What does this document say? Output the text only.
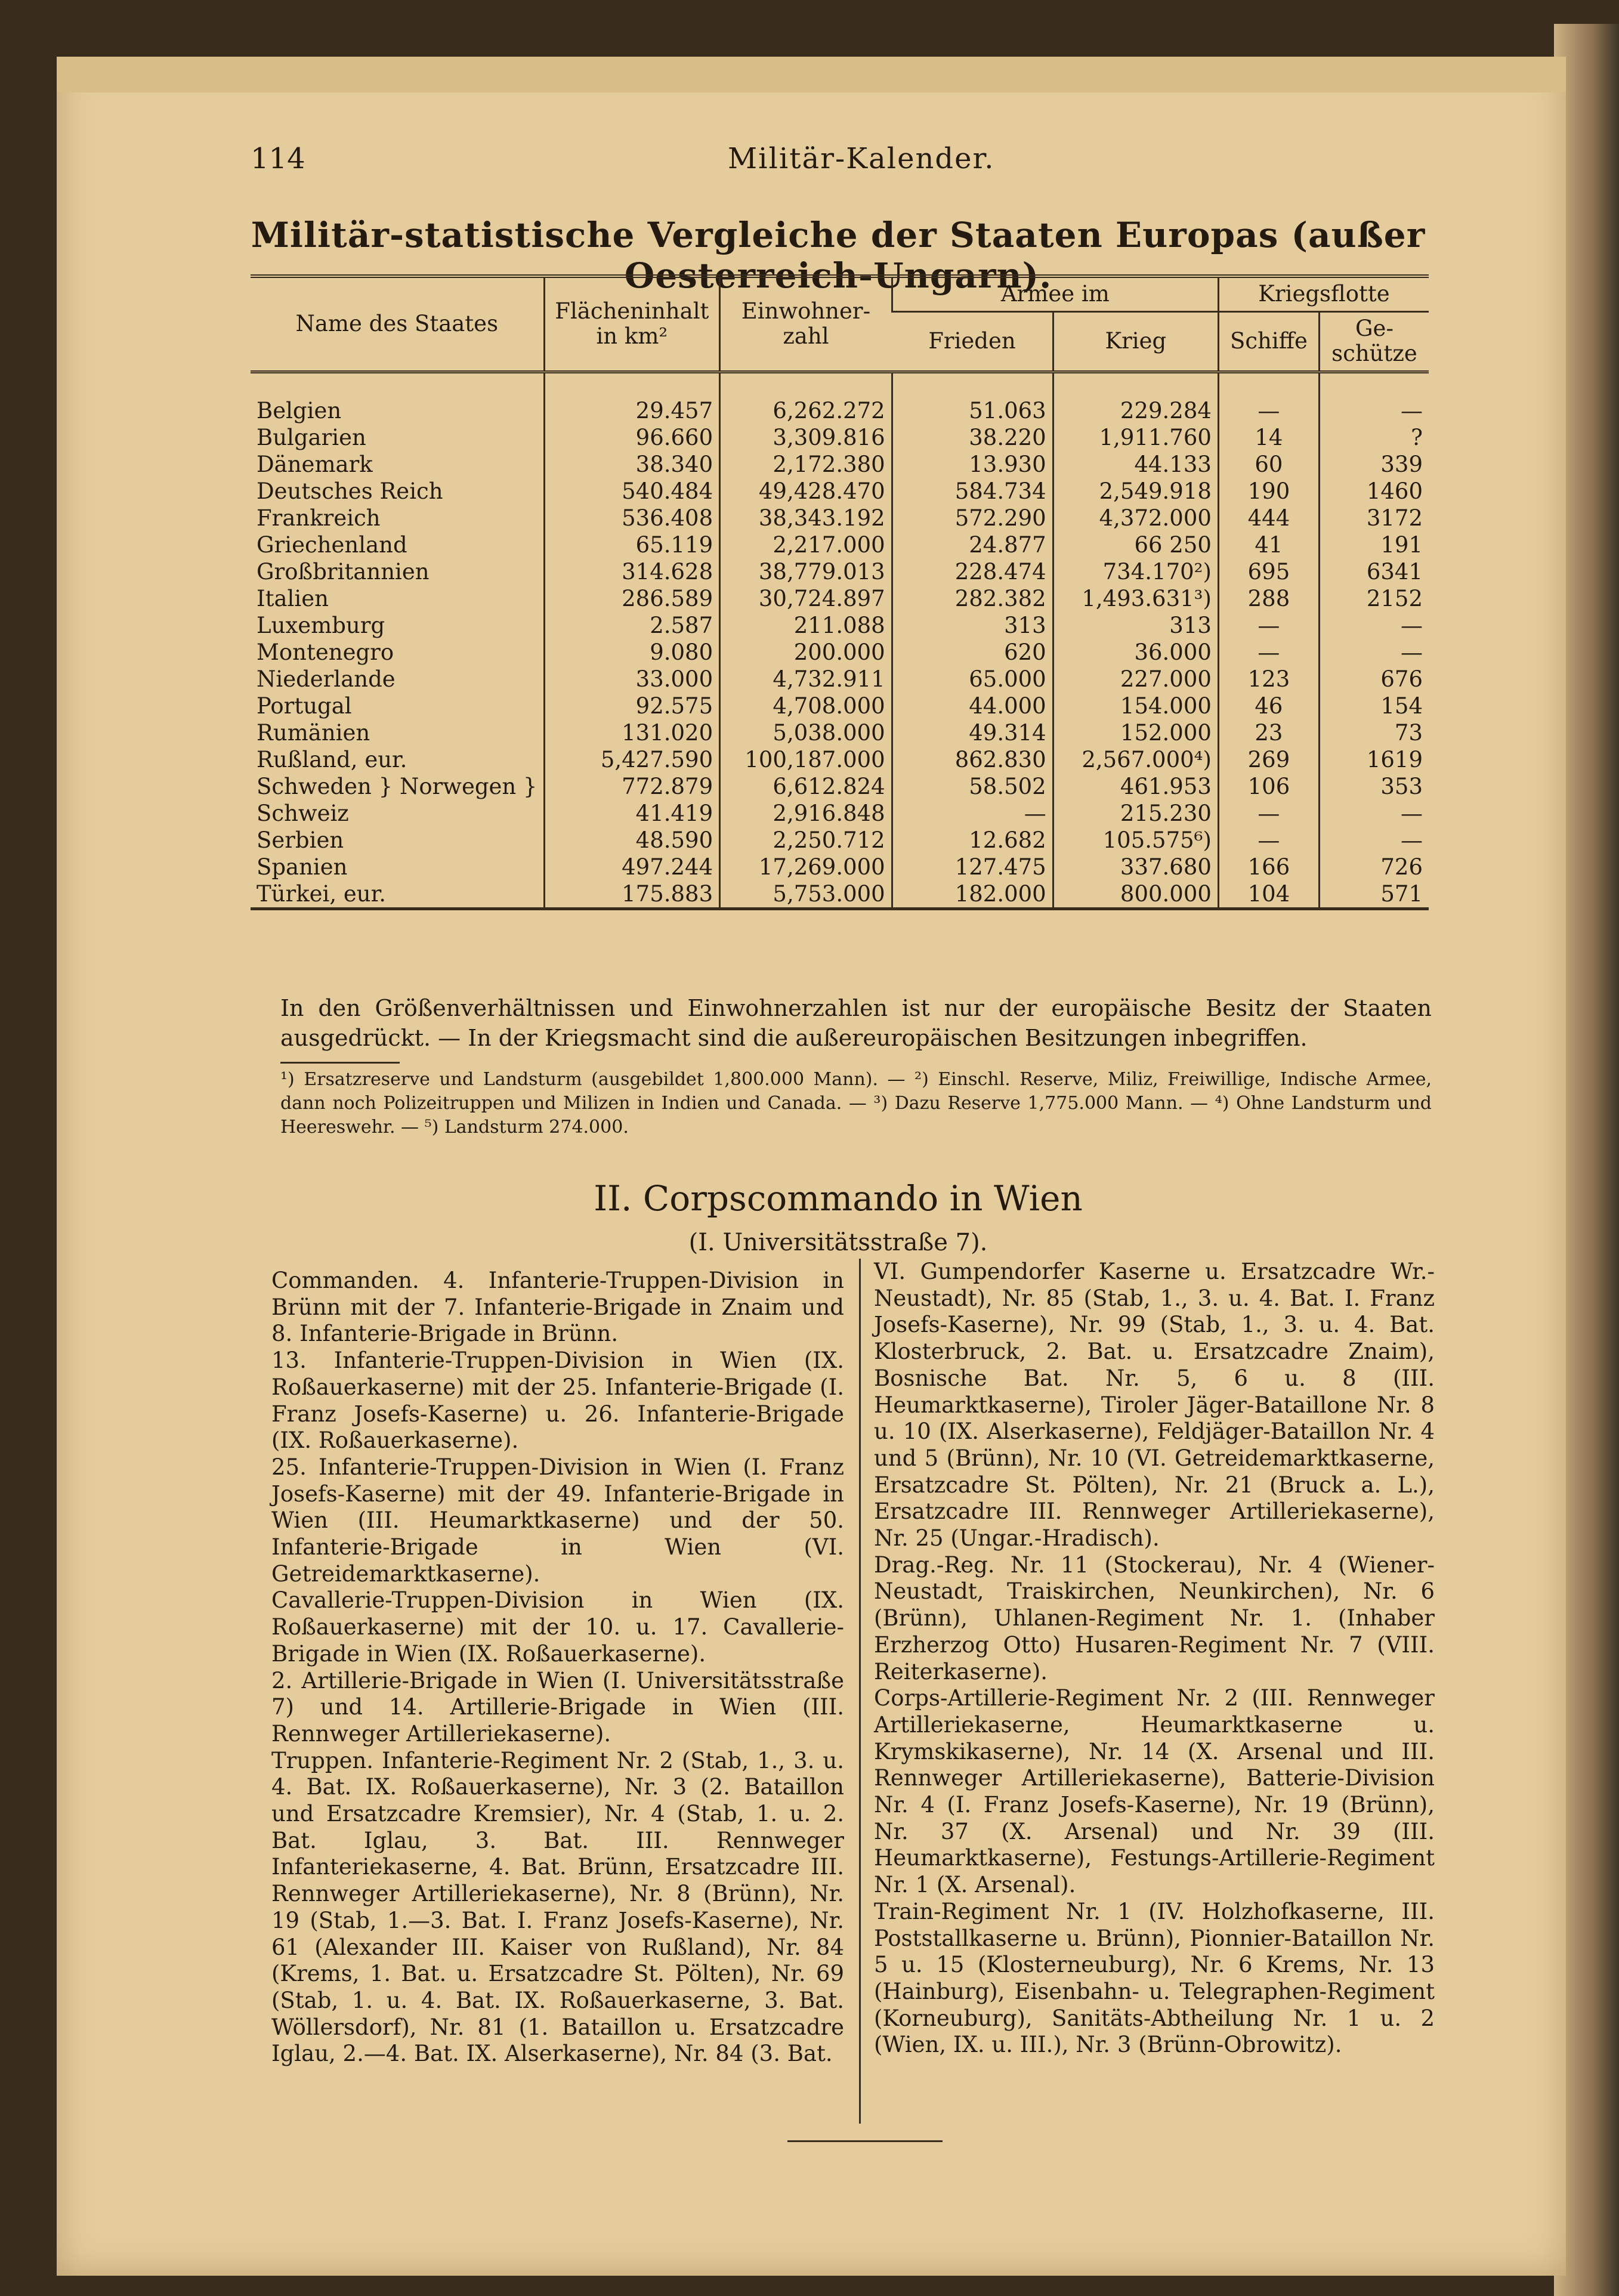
114	Militär-Kalender.
Militär-statistische Vergleiche der Staaten Europas (außer Oesterreich-Ungarn).
Name des Staates	Flächeninhalt in km²	Einwohner-zahl	Armee im		Kriegsflotte	
			Frieden	Krieg	Schiffe	Ge-schütze
Belgien	29.457	6,262.272	51.063	229.284	—	—
Bulgarien	96.660	3,309.816	38.220	1,911.760	14	?
Dänemark	38.340	2,172.380	13.930	44.133	60	339
Deutsches Reich	540.484	49,428.470	584.734	2,549.918	190	1460
Frankreich	536.408	38,343.192	572.290	4,372.000	444	3172
Griechenland	65.119	2,217.000	24.877	66 250	41	191
Großbritannien	314.628	38,779.013	228.474	734.170²)	695	6341
Italien	286.589	30,724.897	282.382	1,493.631³)	288	2152
Luxemburg	2.587	211.088	313	313	—	—
Montenegro	9.080	200.000	620	36.000	—	—
Niederlande	33.000	4,732.911	65.000	227.000	123	676
Portugal	92.575	4,708.000	44.000	154.000	46	154
Rumänien	131.020	5,038.000	49.314	152.000	23	73
Rußland, eur.	5,427.590	100,187.000	862.830	2,567.000⁴)	269	1619
Schweden } Norwegen }	772.879	6,612.824	58.502	461.953	106	353
Schweiz	41.419	2,916.848	—	215.230	—	—
Serbien	48.590	2,250.712	12.682	105.575⁶)	—	—
Spanien	497.244	17,269.000	127.475	337.680	166	726
Türkei, eur.	175.883	5,753.000	182.000	800.000	104	571
In den Größenverhältnissen und Einwohnerzahlen ist nur der europäische Besitz der Staaten ausgedrückt. — In der Kriegsmacht sind die außereuropäischen Besitzungen inbegriffen.
¹) Ersatzreserve und Landsturm (ausgebildet 1,800.000 Mann). — ²) Einschl. Reserve, Miliz, Freiwillige, Indische Armee, dann noch Polizeitruppen und Milizen in Indien und Canada. — ³) Dazu Reserve 1,775.000 Mann. — ⁴) Ohne Landsturm und Heereswehr. — ⁵) Landsturm 274.000.
II. Corpscommando in Wien
(I. Universitätsstraße 7).

Commanden. 4. Infanterie-Truppen-Division in Brünn mit der 7. Infanterie-Brigade in Znaim und 8. Infanterie-Brigade in Brünn.

13. Infanterie-Truppen-Division in Wien (IX. Roßauerkaserne) mit der 25. Infanterie-Brigade (I. Franz Josefs-Kaserne) u. 26. Infanterie-Brigade (IX. Roßauerkaserne).

25. Infanterie-Truppen-Division in Wien (I. Franz Josefs-Kaserne) mit der 49. Infanterie-Brigade in Wien (III. Heumarktkaserne) und der 50. Infanterie-Brigade in Wien (VI. Getreidemarktkaserne).

Cavallerie-Truppen-Division in Wien (IX. Roßauerkaserne) mit der 10. u. 17. Cavallerie-Brigade in Wien (IX. Roßauerkaserne).

2. Artillerie-Brigade in Wien (I. Universitätsstraße 7) und 14. Artillerie-Brigade in Wien (III. Rennweger Artilleriekaserne).

Truppen. Infanterie-Regiment Nr. 2 (Stab, 1., 3. u. 4. Bat. IX. Roßauerkaserne), Nr. 3 (2. Bataillon und Ersatzcadre Kremsier), Nr. 4 (Stab, 1. u. 2. Bat. Iglau, 3. Bat. III. Rennweger Infanteriekaserne, 4. Bat. Brünn, Ersatzcadre III. Rennweger Artilleriekaserne), Nr. 8 (Brünn), Nr. 19 (Stab, 1.—3. Bat. I. Franz Josefs-Kaserne), Nr. 61 (Alexander III. Kaiser von Rußland), Nr. 84 (Krems, 1. Bat. u. Ersatzcadre St. Pölten), Nr. 69 (Stab, 1. u. 4. Bat. IX. Roßauerkaserne, 3. Bat. Wöllersdorf), Nr. 81 (1. Bataillon u. Ersatzcadre Iglau, 2.—4. Bat. IX. Alserkaserne), Nr. 84 (3. Bat.

VI. Gumpendorfer Kaserne u. Ersatzcadre Wr.-Neustadt), Nr. 85 (Stab, 1., 3. u. 4. Bat. I. Franz Josefs-Kaserne), Nr. 99 (Stab, 1., 3. u. 4. Bat. Klosterbruck, 2. Bat. u. Ersatzcadre Znaim), Bosnische Bat. Nr. 5, 6 u. 8 (III. Heumarktkaserne), Tiroler Jäger-Bataillone Nr. 8 u. 10 (IX. Alserkaserne), Feldjäger-Bataillon Nr. 4 und 5 (Brünn), Nr. 10 (VI. Getreidemarktkaserne, Ersatzcadre St. Pölten), Nr. 21 (Bruck a. L.), Ersatzcadre III. Rennweger Artilleriekaserne), Nr. 25 (Ungar.-Hradisch).

Drag.-Reg. Nr. 11 (Stockerau), Nr. 4 (Wiener-Neustadt, Traiskirchen, Neunkirchen), Nr. 6 (Brünn), Uhlanen-Regiment Nr. 1. (Inhaber Erzherzog Otto) Husaren-Regiment Nr. 7 (VIII. Reiterkaserne).

Corps-Artillerie-Regiment Nr. 2 (III. Rennweger Artilleriekaserne, Heumarktkaserne u. Krymskikaserne), Nr. 14 (X. Arsenal und III. Rennweger Artilleriekaserne), Batterie-Division Nr. 4 (I. Franz Josefs-Kaserne), Nr. 19 (Brünn), Nr. 37 (X. Arsenal) und Nr. 39 (III. Heumarktkaserne), Festungs-Artillerie-Regiment Nr. 1 (X. Arsenal).

Train-Regiment Nr. 1 (IV. Holzhofkaserne, III. Poststallkaserne u. Brünn), Pionnier-Bataillon Nr. 5 u. 15 (Klosterneuburg), Nr. 6 Krems, Nr. 13 (Hainburg), Eisenbahn- u. Telegraphen-Regiment (Korneuburg), Sanitäts-Abtheilung Nr. 1 u. 2 (Wien, IX. u. III.), Nr. 3 (Brünn-Obrowitz).
